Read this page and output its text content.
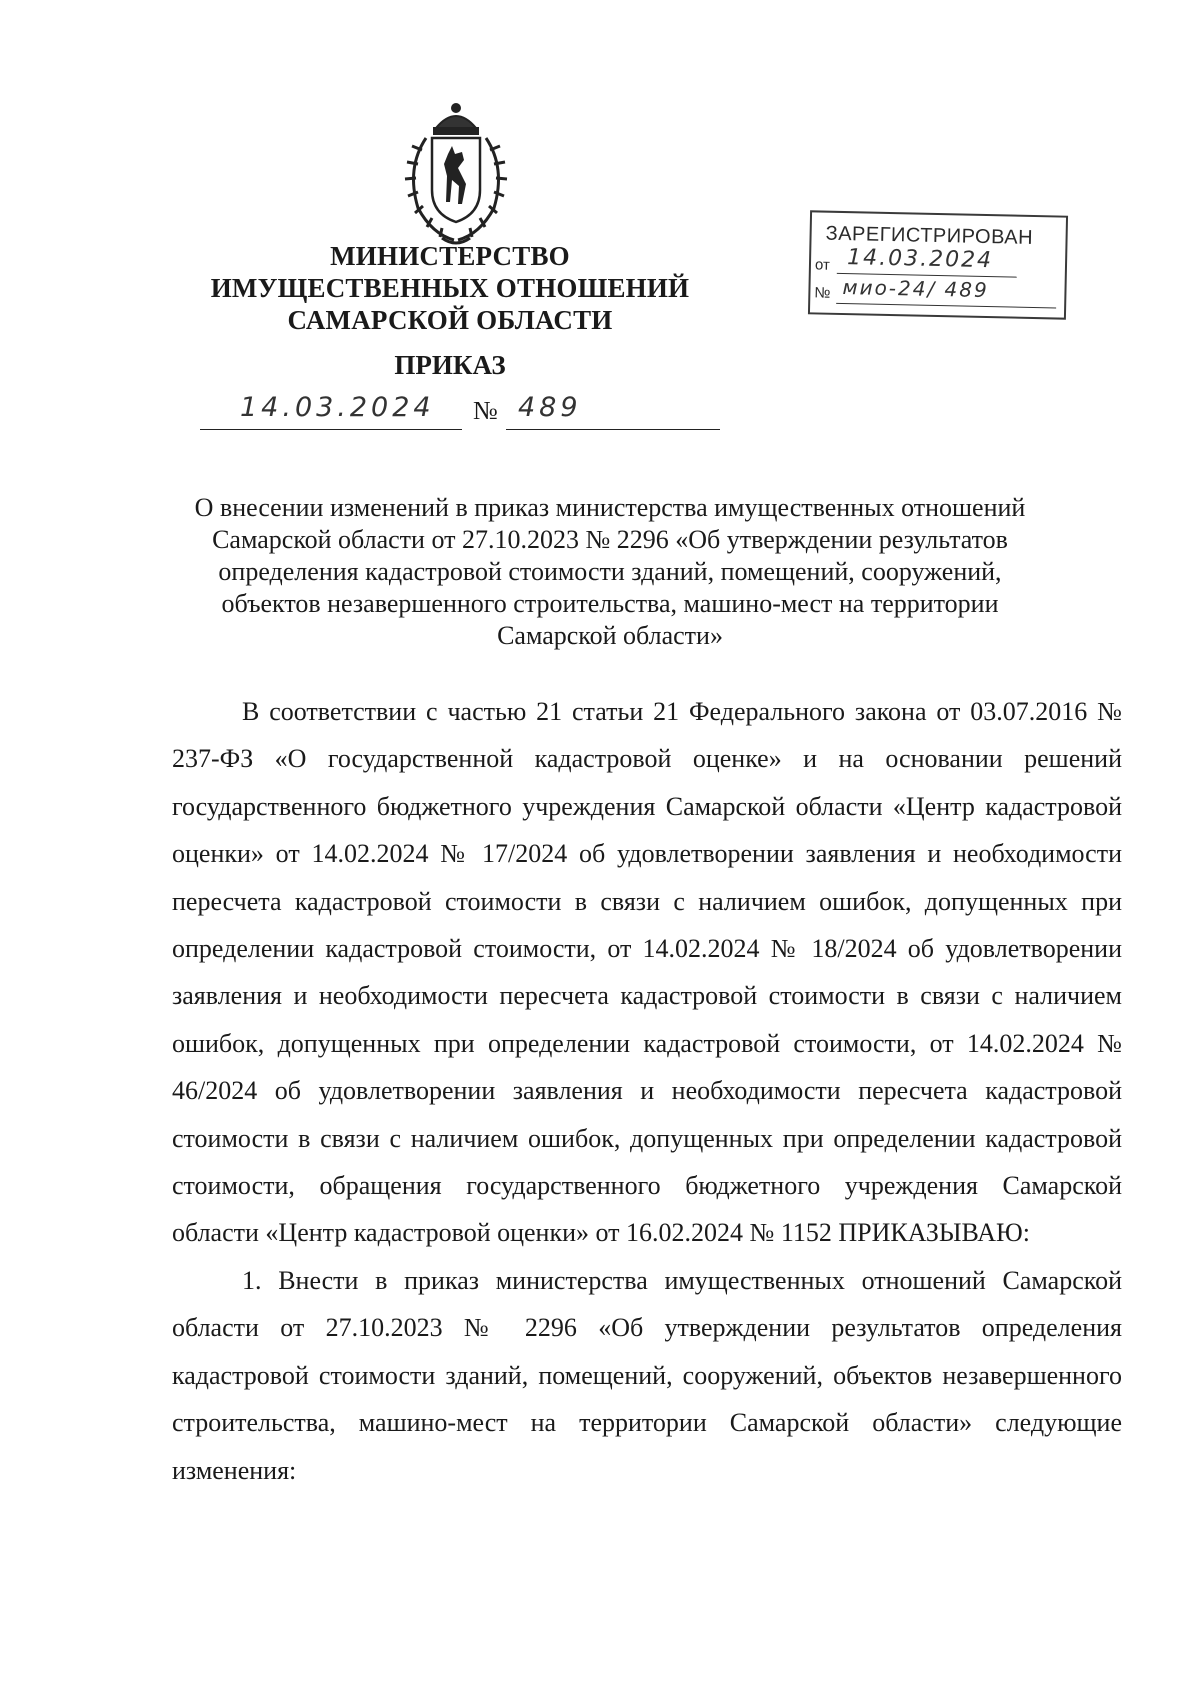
МИНИСТЕРСТВО
ИМУЩЕСТВЕННЫХ ОТНОШЕНИЙ
САМАРСКОЙ ОБЛАСТИ
ПРИКАЗ
14.03.2024 № 489
ЗАРЕГИСТРИРОВАН
от 14.03.2024
№ мио-24/ 489
О внесении изменений в приказ министерства имущественных отношений
Самарской области от 27.10.2023 № 2296 «Об утверждении результатов
определения кадастровой стоимости зданий, помещений, сооружений,
объектов незавершенного строительства, машино-мест на территории
Самарской области»

В соответствии с частью 21 статьи 21 Федерального закона от 03.07.2016 № 237-ФЗ «О государственной кадастровой оценке» и на основании решений государственного бюджетного учреждения Самарской области «Центр кадастровой оценки» от 14.02.2024 № 17/2024 об удовлетворении заявления и необходимости пересчета кадастровой стоимости в связи с наличием ошибок, допущенных при определении кадастровой стоимости, от 14.02.2024 № 18/2024 об удовлетворении заявления и необходимости пересчета кадастровой стоимости в связи с наличием ошибок, допущенных при определении кадастровой стоимости, от 14.02.2024 № 46/2024 об удовлетворении заявления и необходимости пересчета кадастровой стоимости в связи с наличием ошибок, допущенных при определении кадастровой стоимости, обращения государственного бюджетного учреждения Самарской области «Центр кадастровой оценки» от 16.02.2024 № 1152 ПРИКАЗЫВАЮ:

1. Внести в приказ министерства имущественных отношений Самарской области от 27.10.2023 № 2296 «Об утверждении результатов определения кадастровой стоимости зданий, помещений, сооружений, объектов незавершенного строительства, машино-мест на территории Самарской области» следующие изменения:
